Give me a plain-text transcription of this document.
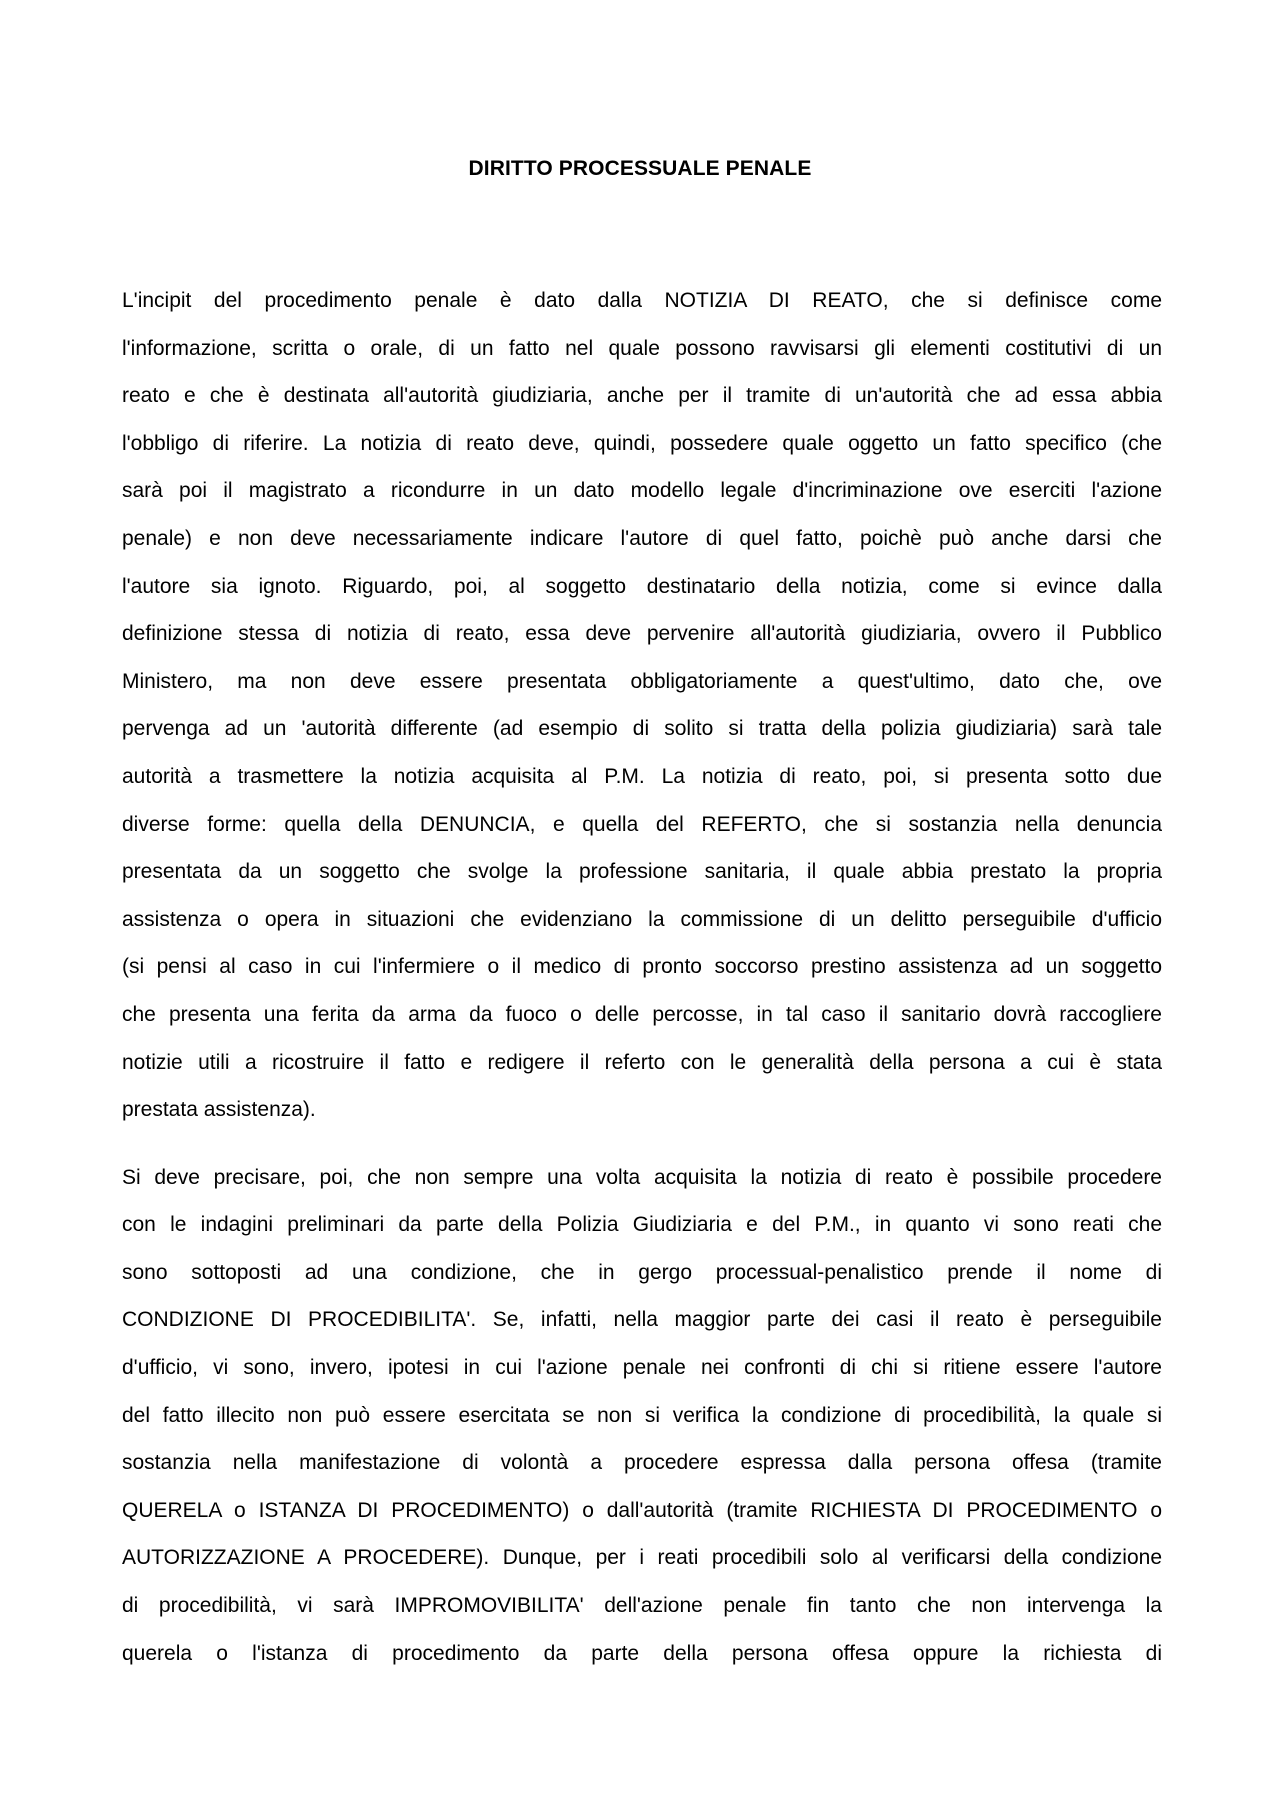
DIRITTO PROCESSUALE PENALE
L'incipit del procedimento penale è dato dalla NOTIZIA DI REATO, che si definisce come
l'informazione, scritta o orale, di un fatto nel quale possono ravvisarsi gli elementi costitutivi di un
reato e che è destinata all'autorità giudiziaria, anche per il tramite di un'autorità che ad essa abbia
l'obbligo di riferire. La notizia di reato deve, quindi, possedere quale oggetto un fatto specifico (che
sarà poi il magistrato a ricondurre in un dato modello legale d'incriminazione ove eserciti l'azione
penale) e non deve necessariamente indicare l'autore di quel fatto, poichè può anche darsi che
l'autore sia ignoto. Riguardo, poi, al soggetto destinatario della notizia, come si evince dalla
definizione stessa di notizia di reato, essa deve pervenire all'autorità giudiziaria, ovvero il Pubblico
Ministero, ma non deve essere presentata obbligatoriamente a quest'ultimo, dato che, ove
pervenga ad un 'autorità differente (ad esempio di solito si tratta della polizia giudiziaria) sarà tale
autorità a trasmettere la notizia acquisita al P.M. La notizia di reato, poi, si presenta sotto due
diverse forme: quella della DENUNCIA, e quella del REFERTO, che si sostanzia nella denuncia
presentata da un soggetto che svolge la professione sanitaria, il quale abbia prestato la propria
assistenza o opera in situazioni che evidenziano la commissione di un delitto perseguibile d'ufficio
(si pensi al caso in cui l'infermiere o il medico di pronto soccorso prestino assistenza ad un soggetto
che presenta una ferita da arma da fuoco o delle percosse, in tal caso il sanitario dovrà raccogliere
notizie utili a ricostruire il fatto e redigere il referto con le generalità della persona a cui è stata
prestata assistenza).
Si deve precisare, poi, che non sempre una volta acquisita la notizia di reato è possibile procedere
con le indagini preliminari da parte della Polizia Giudiziaria e del P.M., in quanto vi sono reati che
sono sottoposti ad una condizione, che in gergo processual-penalistico prende il nome di
CONDIZIONE DI PROCEDIBILITA'. Se, infatti, nella maggior parte dei casi il reato è perseguibile
d'ufficio, vi sono, invero, ipotesi in cui l'azione penale nei confronti di chi si ritiene essere l'autore
del fatto illecito non può essere esercitata se non si verifica la condizione di procedibilità, la quale si
sostanzia nella manifestazione di volontà a procedere espressa dalla persona offesa (tramite
QUERELA o ISTANZA DI PROCEDIMENTO) o dall'autorità (tramite RICHIESTA DI PROCEDIMENTO o
AUTORIZZAZIONE A PROCEDERE). Dunque, per i reati procedibili solo al verificarsi della condizione
di procedibilità, vi sarà IMPROMOVIBILITA' dell'azione penale fin tanto che non intervenga la
querela o l'istanza di procedimento da parte della persona offesa oppure la richiesta di
